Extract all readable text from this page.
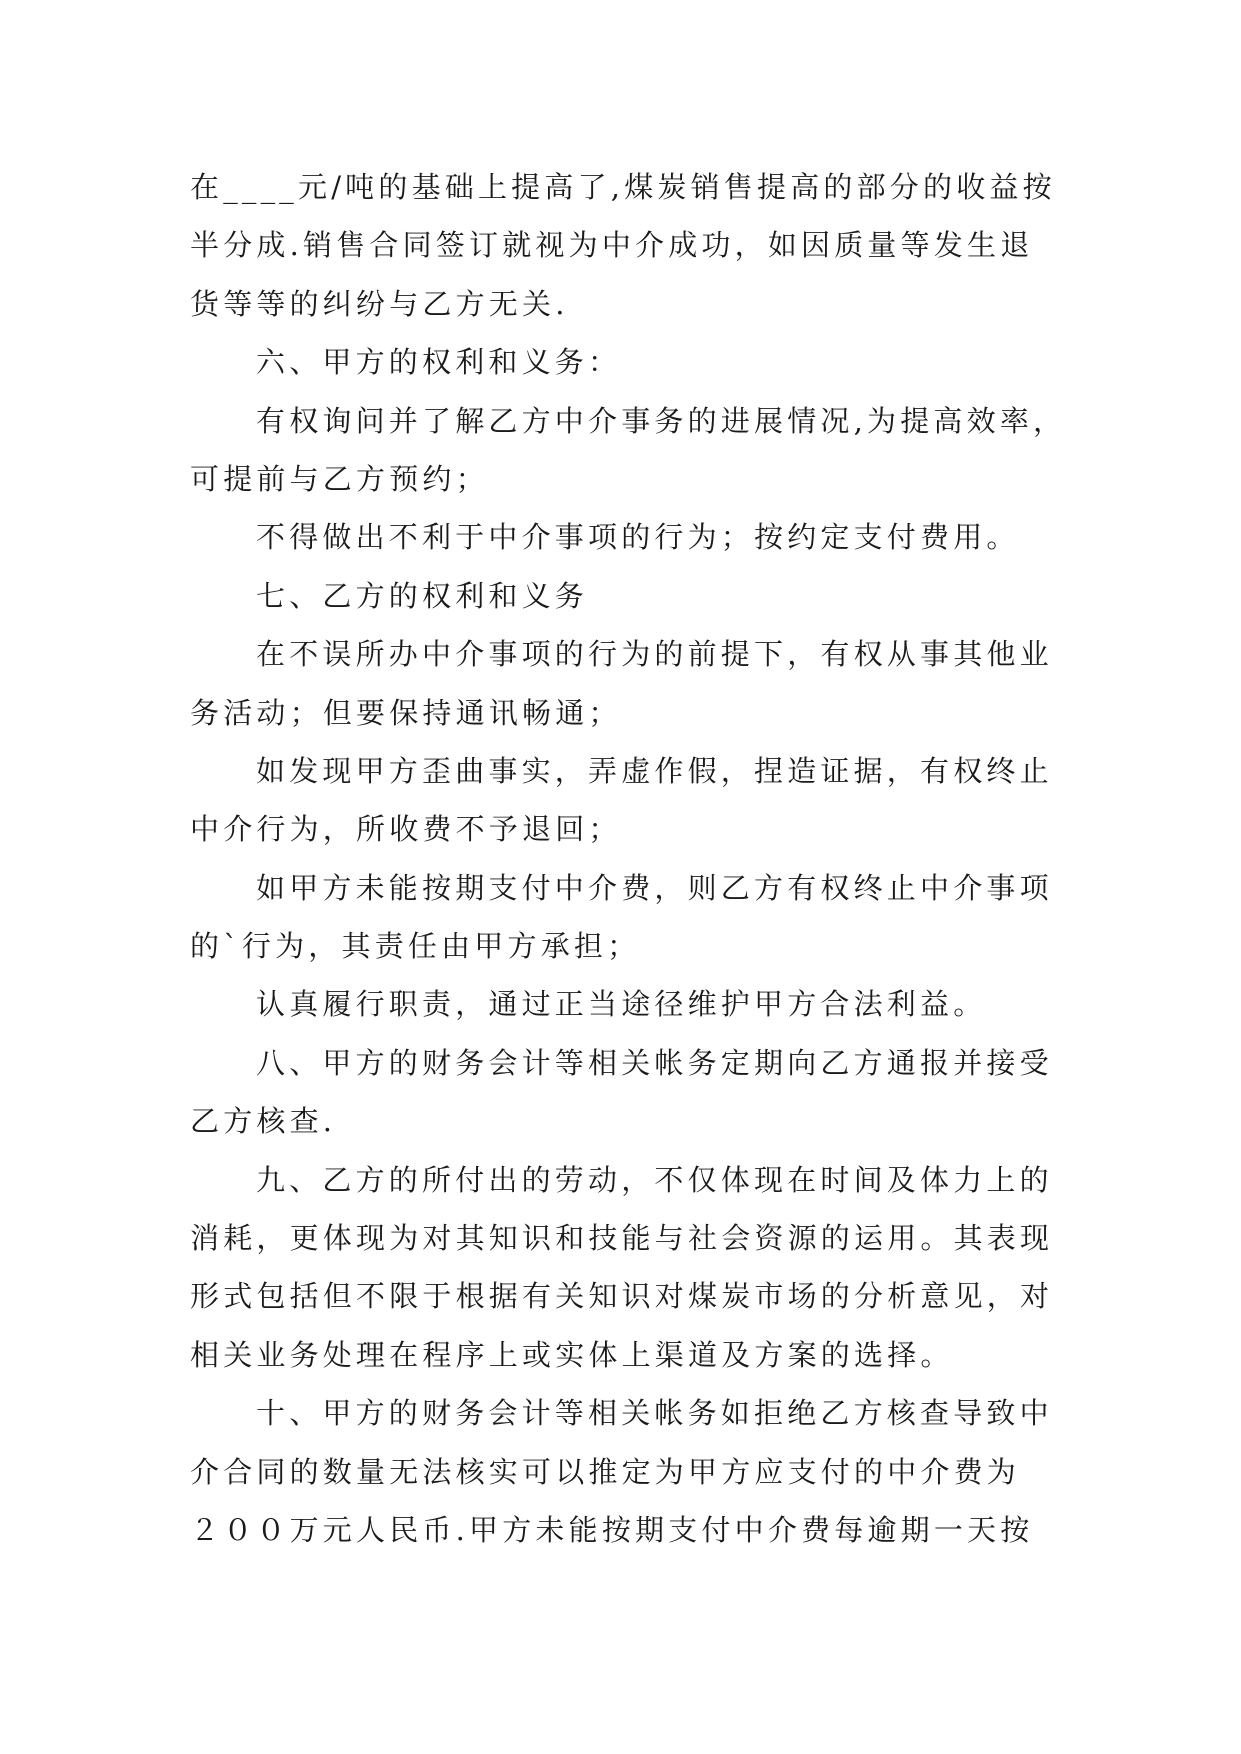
在____元/吨的基础上提高了,煤炭销售提高的部分的收益按
半分成.销售合同签订就视为中介成功，如因质量等发生退
货等等的纠纷与乙方无关.
六、甲方的权利和义务：
有权询问并了解乙方中介事务的进展情况,为提高效率，
可提前与乙方预约；
不得做出不利于中介事项的行为；按约定支付费用。
七、乙方的权利和义务
在不误所办中介事项的行为的前提下，有权从事其他业
务活动；但要保持通讯畅通；
如发现甲方歪曲事实，弄虚作假，捏造证据，有权终止
中介行为，所收费不予退回；
如甲方未能按期支付中介费，则乙方有权终止中介事项
的`行为，其责任由甲方承担；
认真履行职责，通过正当途径维护甲方合法利益。
八、甲方的财务会计等相关帐务定期向乙方通报并接受
乙方核查.
九、乙方的所付出的劳动，不仅体现在时间及体力上的
消耗，更体现为对其知识和技能与社会资源的运用。其表现
形式包括但不限于根据有关知识对煤炭市场的分析意见，对
相关业务处理在程序上或实体上渠道及方案的选择。
十、甲方的财务会计等相关帐务如拒绝乙方核查导致中
介合同的数量无法核实可以推定为甲方应支付的中介费为
２００万元人民币.甲方未能按期支付中介费每逾期一天按
